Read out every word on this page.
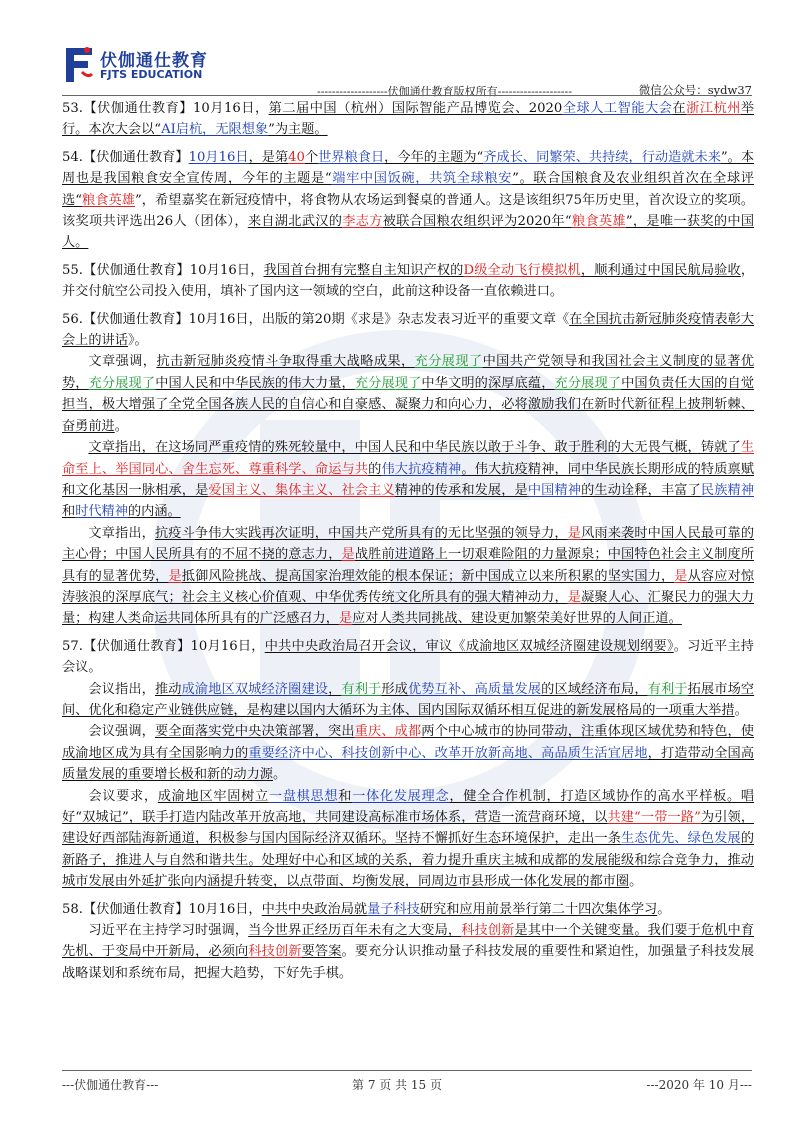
伏伽通仕教育
FJTS EDUCATION
-------------------伏伽通仕教育版权所有--------------------	微信公众号：sydw37

53.【伏伽通仕教育】10月16日，第二届中国（杭州）国际智能产品博览会、2020全球人工智能大会在浙江杭州举行。本次大会以“AI启杭，无限想象”为主题。

54.【伏伽通仕教育】10月16日，是第40个世界粮食日，今年的主题为“齐成长、同繁荣、共持续，行动造就未来”。本周也是我国粮食安全宣传周，今年的主题是“端牢中国饭碗，共筑全球粮安”。联合国粮食及农业组织首次在全球评选“粮食英雄”，希望嘉奖在新冠疫情中，将食物从农场运到餐桌的普通人。这是该组织75年历史里，首次设立的奖项。该奖项共评选出26人（团体），来自湖北武汉的李志方被联合国粮农组织评为2020年“粮食英雄”，是唯一获奖的中国人。

55.【伏伽通仕教育】10月16日，我国首台拥有完整自主知识产权的D级全动飞行模拟机，顺利通过中国民航局验收，并交付航空公司投入使用，填补了国内这一领域的空白，此前这种设备一直依赖进口。

56.【伏伽通仕教育】10月16日，出版的第20期《求是》杂志发表习近平的重要文章《在全国抗击新冠肺炎疫情表彰大会上的讲话》。

文章强调，抗击新冠肺炎疫情斗争取得重大战略成果，充分展现了中国共产党领导和我国社会主义制度的显著优势，充分展现了中国人民和中华民族的伟大力量，充分展现了中华文明的深厚底蕴，充分展现了中国负责任大国的自觉担当，极大增强了全党全国各族人民的自信心和自豪感、凝聚力和向心力，必将激励我们在新时代新征程上披荆斩棘、奋勇前进。

文章指出，在这场同严重疫情的殊死较量中，中国人民和中华民族以敢于斗争、敢于胜利的大无畏气概，铸就了生命至上、举国同心、舍生忘死、尊重科学、命运与共的伟大抗疫精神。伟大抗疫精神，同中华民族长期形成的特质禀赋和文化基因一脉相承，是爱国主义、集体主义、社会主义精神的传承和发展，是中国精神的生动诠释，丰富了民族精神和时代精神的内涵。

文章指出，抗疫斗争伟大实践再次证明，中国共产党所具有的无比坚强的领导力，是风雨来袭时中国人民最可靠的主心骨；中国人民所具有的不屈不挠的意志力，是战胜前进道路上一切艰难险阻的力量源泉；中国特色社会主义制度所具有的显著优势，是抵御风险挑战、提高国家治理效能的根本保证；新中国成立以来所积累的坚实国力，是从容应对惊涛骇浪的深厚底气；社会主义核心价值观、中华优秀传统文化所具有的强大精神动力，是凝聚人心、汇聚民力的强大力量；构建人类命运共同体所具有的广泛感召力，是应对人类共同挑战、建设更加繁荣美好世界的人间正道。

57.【伏伽通仕教育】10月16日，中共中央政治局召开会议，审议《成渝地区双城经济圈建设规划纲要》。习近平主持会议。

会议指出，推动成渝地区双城经济圈建设，有利于形成优势互补、高质量发展的区域经济布局，有利于拓展市场空间、优化和稳定产业链供应链，是构建以国内大循环为主体、国内国际双循环相互促进的新发展格局的一项重大举措。

会议强调，要全面落实党中央决策部署，突出重庆、成都两个中心城市的协同带动，注重体现区域优势和特色，使成渝地区成为具有全国影响力的重要经济中心、科技创新中心、改革开放新高地、高品质生活宜居地，打造带动全国高质量发展的重要增长极和新的动力源。

会议要求，成渝地区牢固树立一盘棋思想和一体化发展理念，健全合作机制，打造区域协作的高水平样板。唱好“双城记”，联手打造内陆改革开放高地，共同建设高标准市场体系，营造一流营商环境，以共建“一带一路”为引领，建设好西部陆海新通道，积极参与国内国际经济双循环。坚持不懈抓好生态环境保护，走出一条生态优先、绿色发展的新路子，推进人与自然和谐共生。处理好中心和区域的关系，着力提升重庆主城和成都的发展能级和综合竞争力，推动城市发展由外延扩张向内涵提升转变，以点带面、均衡发展，同周边市县形成一体化发展的都市圈。

58.【伏伽通仕教育】10月16日，中共中央政治局就量子科技研究和应用前景举行第二十四次集体学习。

习近平在主持学习时强调，当今世界正经历百年未有之大变局，科技创新是其中一个关键变量。我们要于危机中育先机、于变局中开新局，必须向科技创新要答案。要充分认识推动量子科技发展的重要性和紧迫性，加强量子科技发展战略谋划和系统布局，把握大趋势，下好先手棋。

---伏伽通仕教育---	第 7 页 共 15 页	---2020 年 10 月---
